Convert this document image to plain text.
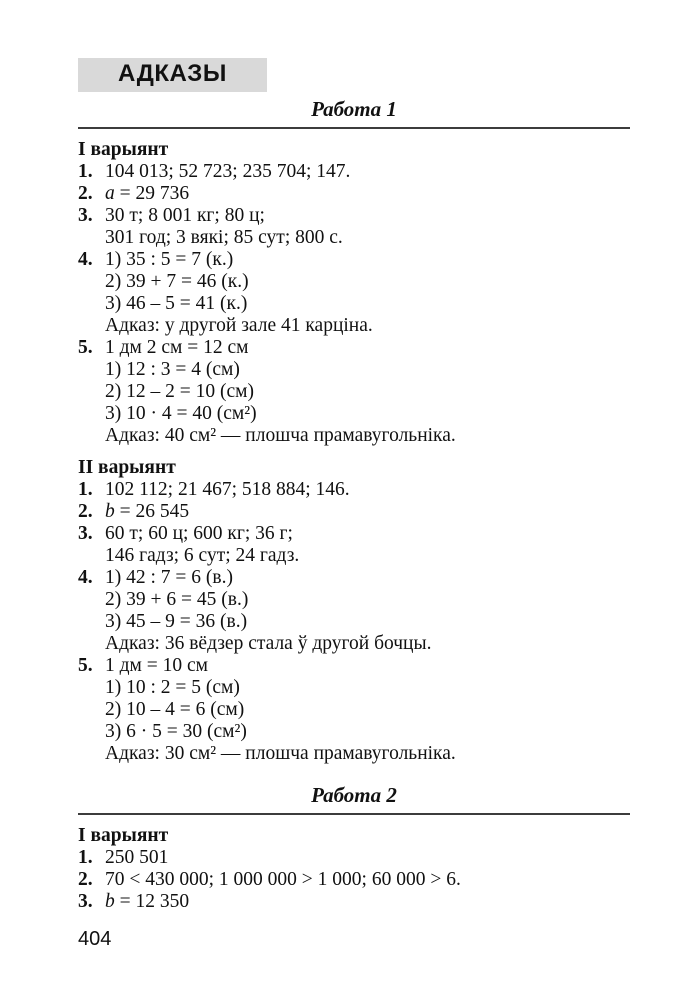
АДКАЗЫ
Работа 1
I варыянт
1. 104 013; 52 723; 235 704; 147.
2. a = 29 736
3. 30 т; 8 001 кг; 80 ц;
301 год; 3 вякі; 85 сут; 800 с.
4. 1) 35 : 5 = 7 (к.)
2) 39 + 7 = 46 (к.)
3) 46 – 5 = 41 (к.)
Адказ: у другой зале 41 карціна.
5. 1 дм 2 см = 12 см
1) 12 : 3 = 4 (см)
2) 12 – 2 = 10 (см)
3) 10 · 4 = 40 (см²)
Адказ: 40 см² — плошча прамавугольніка.
II варыянт
1. 102 112; 21 467; 518 884; 146.
2. b = 26 545
3. 60 т; 60 ц; 600 кг; 36 г;
146 гадз; 6 сут; 24 гадз.
4. 1) 42 : 7 = 6 (в.)
2) 39 + 6 = 45 (в.)
3) 45 – 9 = 36 (в.)
Адказ: 36 вёдзер стала ў другой бочцы.
5. 1 дм = 10 см
1) 10 : 2 = 5 (см)
2) 10 – 4 = 6 (см)
3) 6 · 5 = 30 (см²)
Адказ: 30 см² — плошча прамавугольніка.
Работа 2
I варыянт
1. 250 501
2. 70 < 430 000; 1 000 000 > 1 000; 60 000 > 6.
3. b = 12 350
404
